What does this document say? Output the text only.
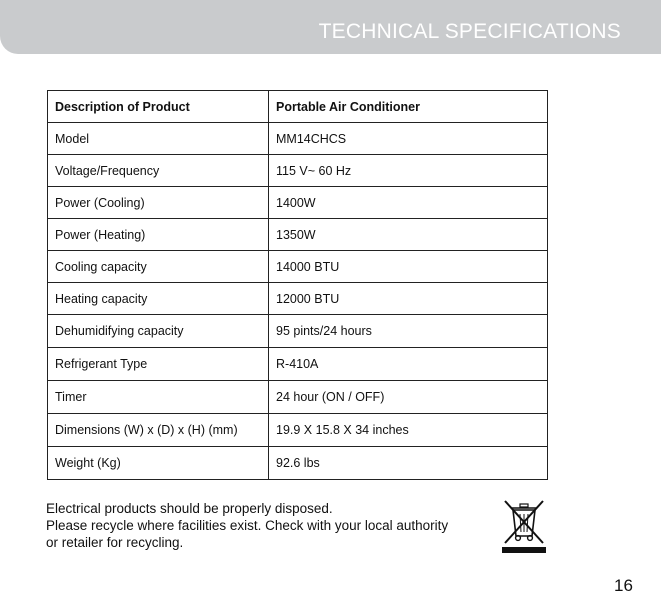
TECHNICAL SPECIFICATIONS
Description of Product	Portable Air Conditioner
Model	MM14CHCS
Voltage/Frequency	115 V~ 60 Hz
Power (Cooling)	1400W
Power (Heating)	1350W
Cooling capacity	14000 BTU
Heating capacity	12000 BTU
Dehumidifying capacity	95 pints/24 hours
Refrigerant Type	R-410A
Timer	24 hour (ON / OFF)
Dimensions (W) x (D) x (H) (mm)	19.9 X 15.8 X 34 inches
Weight (Kg)	92.6 lbs
Electrical products should be properly disposed.
Please recycle where facilities exist. Check with your local authority
or retailer for recycling.
16
